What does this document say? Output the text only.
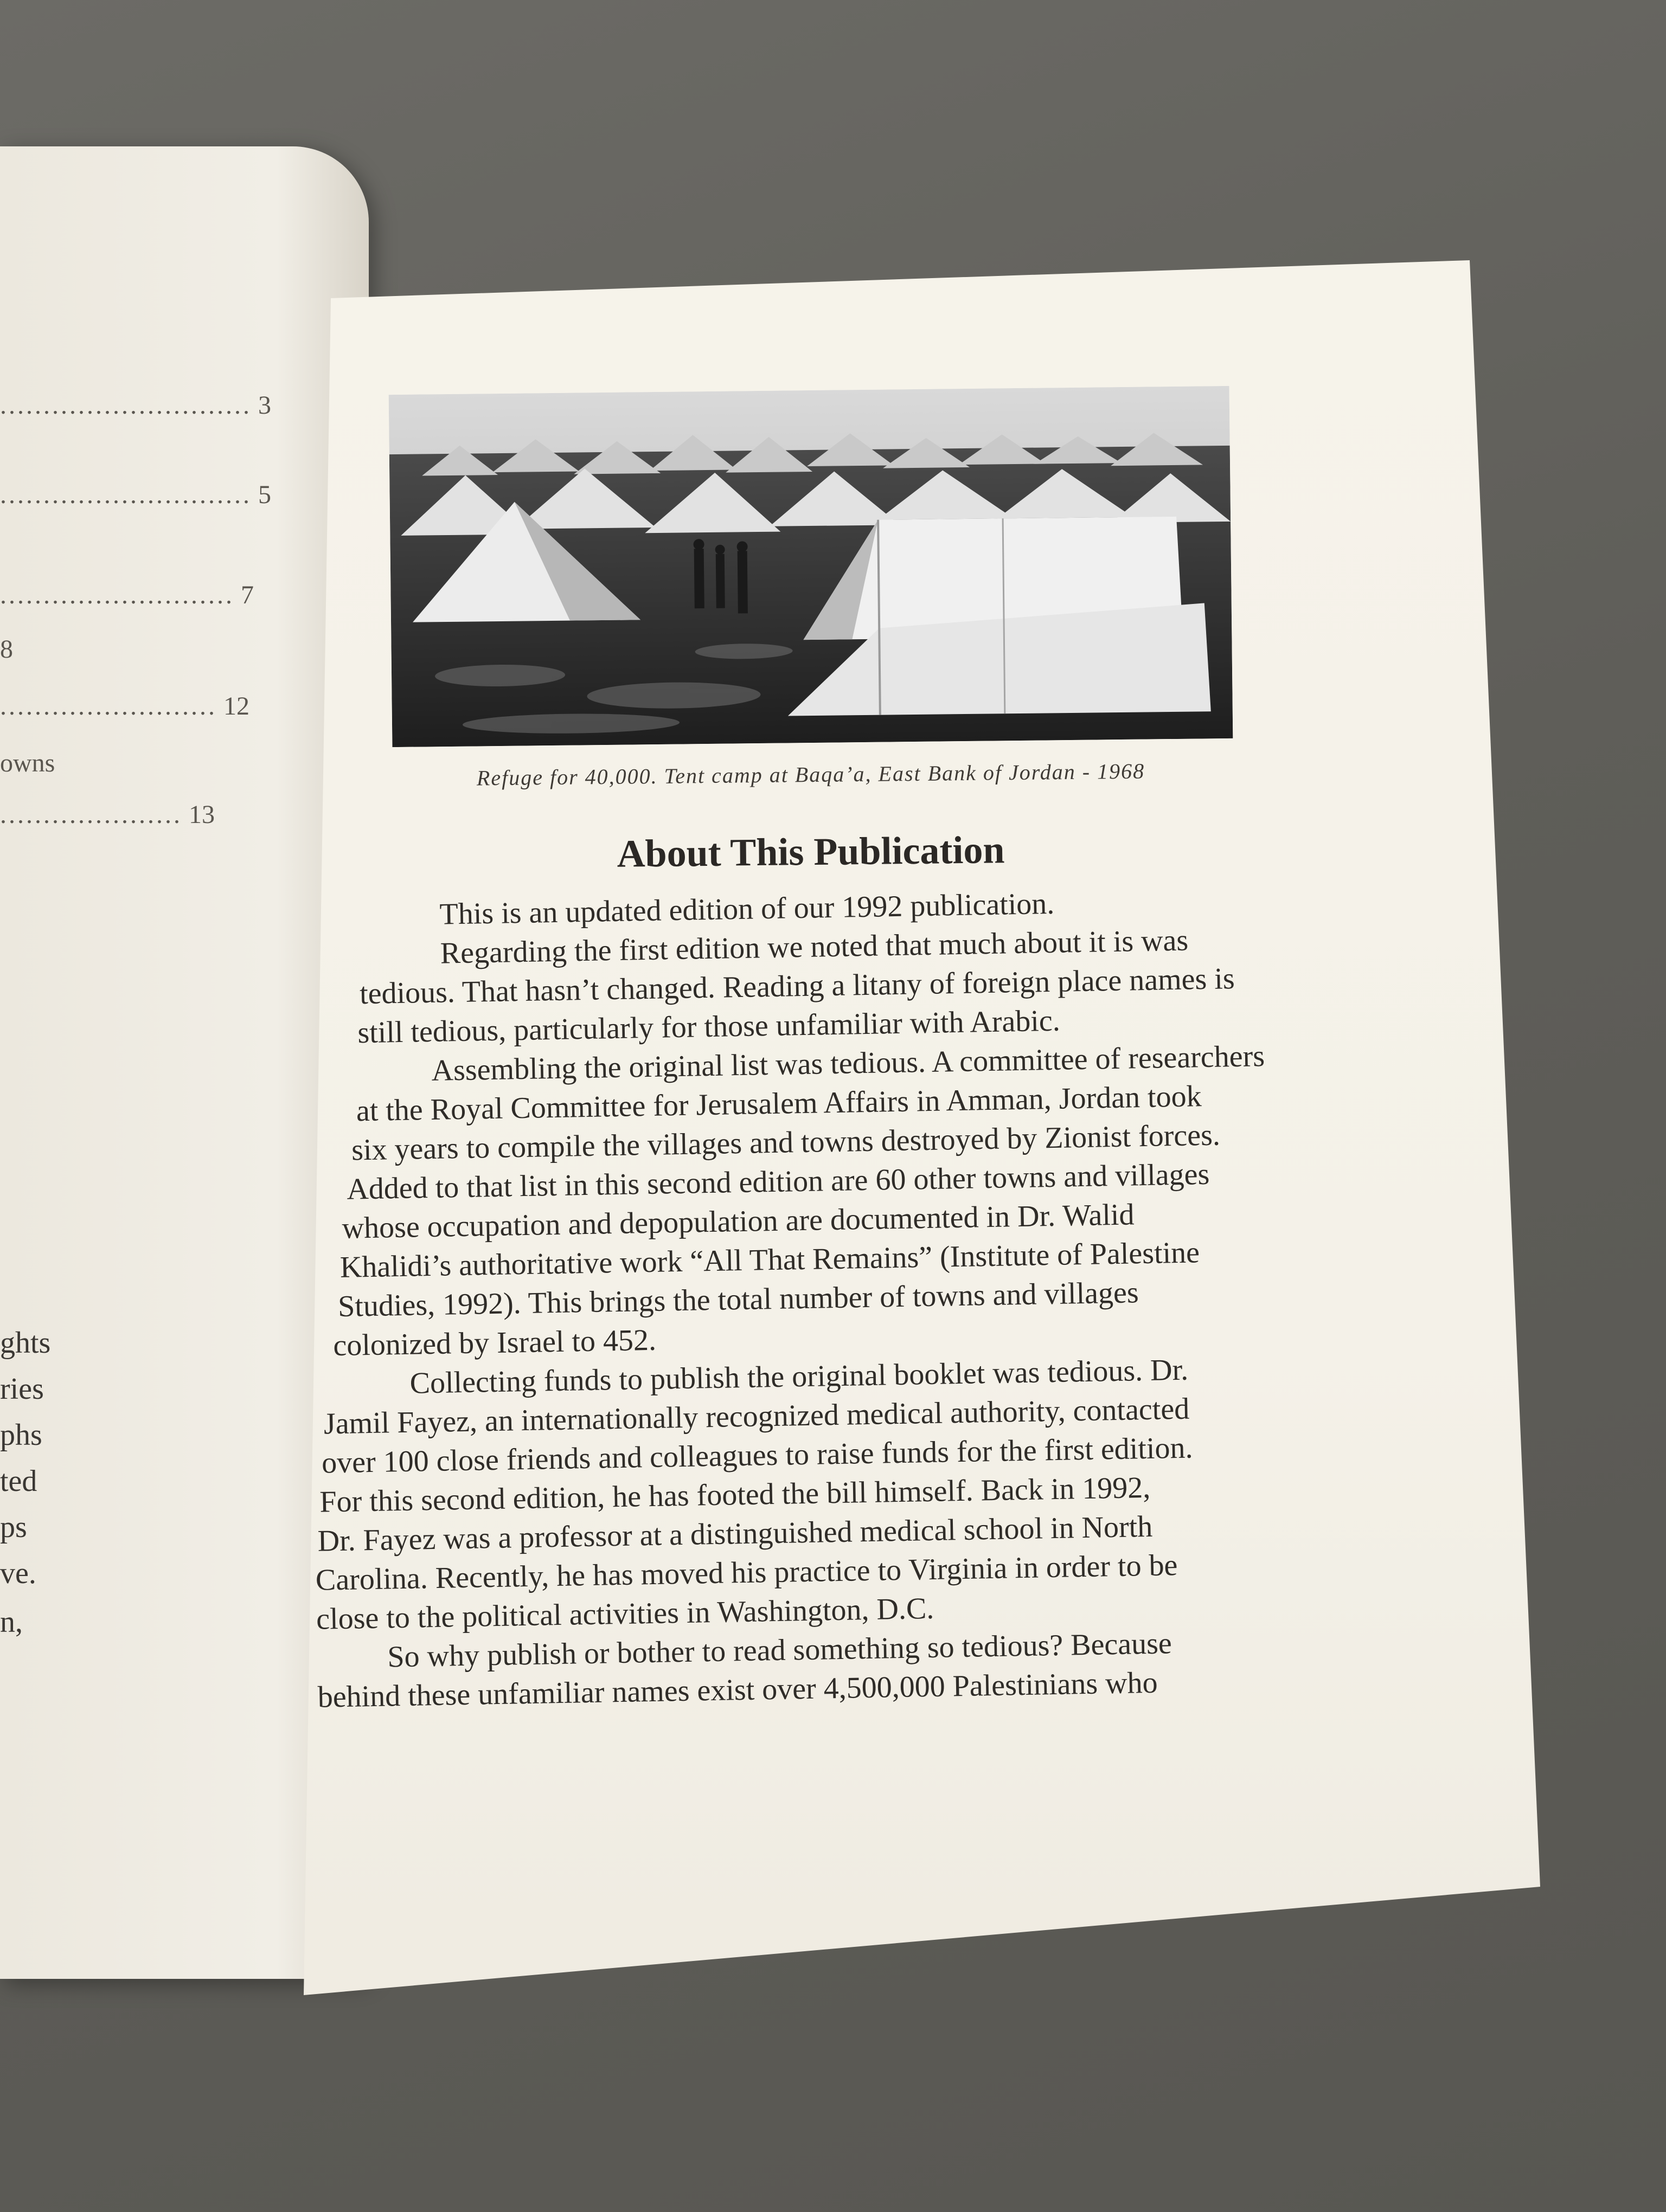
............................. 3
............................. 5
........................... 7
8
......................... 12
owns
..................... 13
ghts
ries
phs
ted
ps
ve.
n,
Refuge for 40,000. Tent camp at Baqa’a, East Bank of Jordan - 1968
About This Publication
This is an updated edition of our 1992 publication.
Regarding the first edition we noted that much about it is was
tedious. That hasn’t changed. Reading a litany of foreign place names is
still tedious, particularly for those unfamiliar with Arabic.
Assembling the original list was tedious. A committee of researchers
at the Royal Committee for Jerusalem Affairs in Amman, Jordan took
six years to compile the villages and towns destroyed by Zionist forces.
Added to that list in this second edition are 60 other towns and villages
whose occupation and depopulation are documented in Dr. Walid
Khalidi’s authoritative work “All That Remains” (Institute of Palestine
Studies, 1992). This brings the total number of towns and villages
colonized by Israel to 452.
Collecting funds to publish the original booklet was tedious. Dr.
Jamil Fayez, an internationally recognized medical authority, contacted
over 100 close friends and colleagues to raise funds for the first edition.
For this second edition, he has footed the bill himself. Back in 1992,
Dr. Fayez was a professor at a distinguished medical school in North
Carolina. Recently, he has moved his practice to Virginia in order to be
close to the political activities in Washington, D.C.
So why publish or bother to read something so tedious? Because
behind these unfamiliar names exist over 4,500,000 Palestinians who
